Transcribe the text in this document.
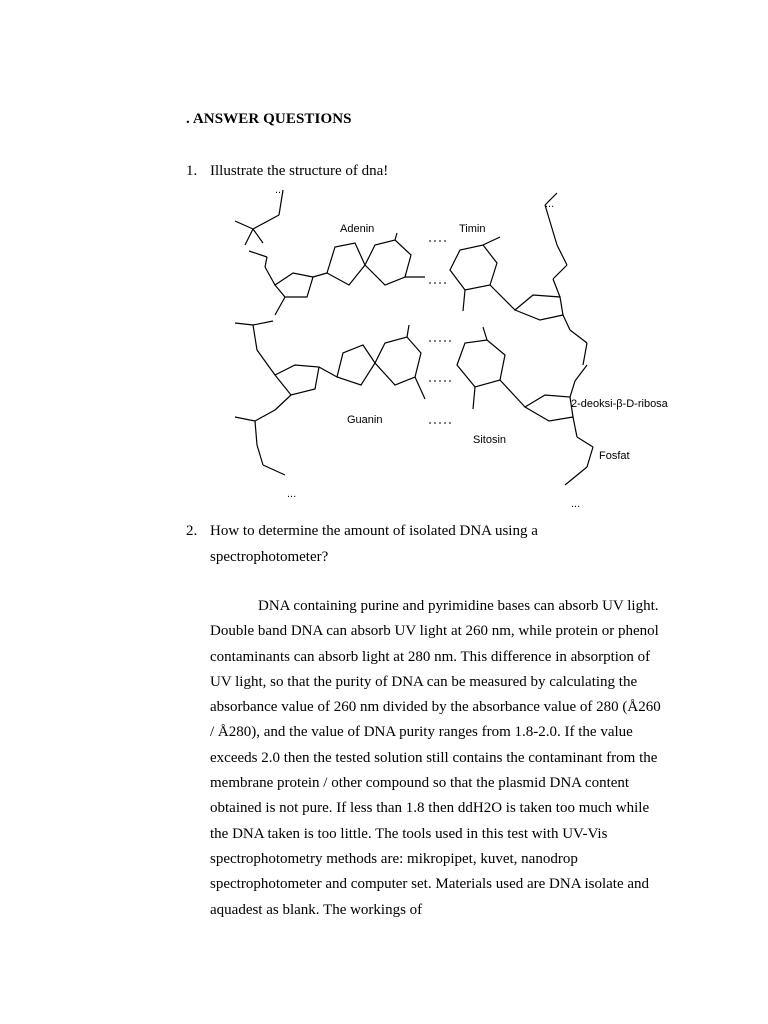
. ANSWER QUESTIONS
1. Illustrate the structure of dna!
...
...
Adenin	Timin
Guanin
Sitosin
2-deoksi-β-D-ribosa
Fosfat
...
...
2. How to determine the amount of isolated DNA using a
spectrophotometer?
DNA containing purine and pyrimidine bases can absorb UV light. Double band DNA can absorb UV light at 260 nm, while protein or phenol contaminants can absorb light at 280 nm. This difference in absorption of UV light, so that the purity of DNA can be measured by calculating the absorbance value of 260 nm divided by the absorbance value of 280 (Å260 / Å280), and the value of DNA purity ranges from 1.8-2.0. If the value exceeds 2.0 then the tested solution still contains the contaminant from the membrane protein / other compound so that the plasmid DNA content obtained is not pure. If less than 1.8 then ddH2O is taken too much while the DNA taken is too little. The tools used in this test with UV-Vis spectrophotometry methods are: mikropipet, kuvet, nanodrop spectrophotometer and computer set. Materials used are DNA isolate and aquadest as blank. The workings of
